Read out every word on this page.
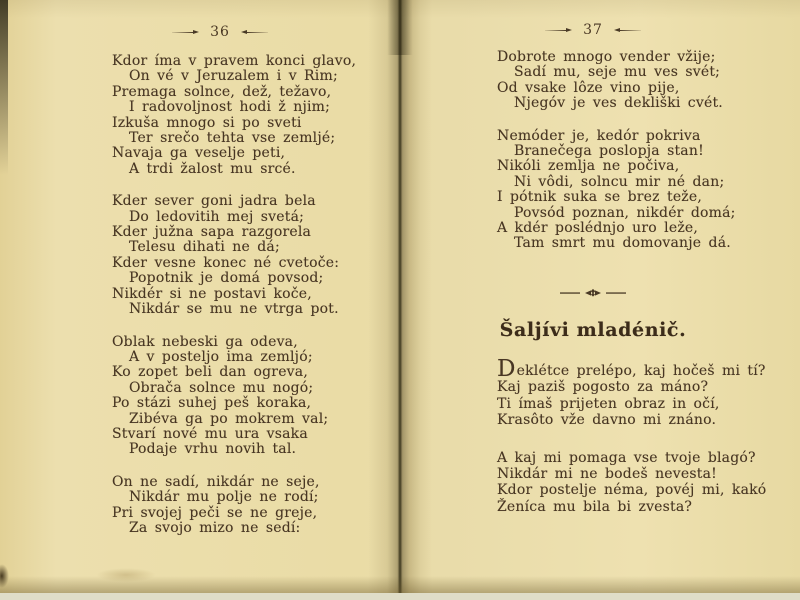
36
Kdor íma v pravem konci glavo,
On vé v Jeruzalem i v Rim;
Premaga solnce, dež, težavo,
I radovoljnost hodi ž njim;
Izkuša mnogo si po sveti
Ter srečo tehta vse zemljé;
Navaja ga veselje peti,
A trdi žalost mu srcé.
Kder sever goni jadra bela
Do ledovitih mej svetá;
Kder južna sapa razgorela
Telesu dihati ne dá;
Kder vesne konec né cvetoče:
Popotnik je domá povsod;
Nikdér si ne postavi koče,
Nikdár se mu ne vtrga pot.
Oblak nebeski ga odeva,
A v posteljo ima zemljó;
Ko zopet beli dan ogreva,
Obrača solnce mu nogó;
Po stázi suhej peš koraka,
Zibéva ga po mokrem val;
Stvarí nové mu ura vsaka
Podaje vrhu novih tal.
On ne sadí, nikdár ne seje,
Nikdár mu polje ne rodí;
Pri svojej peči se ne greje,
Za svojo mizo ne sedí:
37
Dobrote mnogo vender vžije;
Sadí mu, seje mu ves svét;
Od vsake lôze vino pije,
Njegóv je ves dekliški cvét.
Nemóder je, kedór pokriva
Branečega poslopja stan!
Nikóli zemlja ne počiva,
Ni vôdi, solncu mir né dan;
I pótnik suka se brez teže,
Povsód poznan, nikdér domá;
A kdér poslédnjo uro leže,
Tam smrt mu domovanje dá.
Šaljívi mladénič.
Deklétce prelépo, kaj hočeš mi tí?
Kaj paziš pogosto za máno?
Ti ímaš prijeten obraz in očí,
Krasôto vže davno mi znáno.
A kaj mi pomaga vse tvoje blagó?
Nikdár mi ne bodeš nevesta!
Kdor postelje néma, povéj mi, kakó
Ženíca mu bila bi zvesta?
